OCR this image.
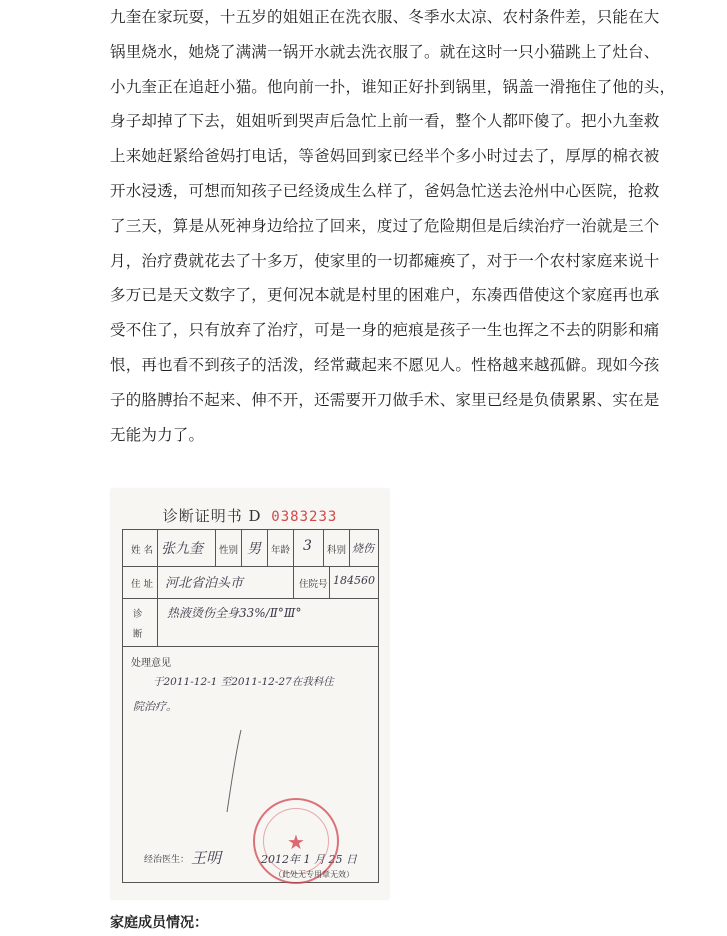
九奎在家玩耍，十五岁的姐姐正在洗衣服、冬季水太凉、农村条件差，只能在大
锅里烧水，她烧了满满一锅开水就去洗衣服了。就在这时一只小猫跳上了灶台、
小九奎正在追赶小猫。他向前一扑，谁知正好扑到锅里，锅盖一滑拖住了他的头，
身子却掉了下去，姐姐听到哭声后急忙上前一看，整个人都吓傻了。把小九奎救
上来她赶紧给爸妈打电话，等爸妈回到家已经半个多小时过去了，厚厚的棉衣被
开水浸透，可想而知孩子已经烫成生么样了，爸妈急忙送去沧州中心医院，抢救
了三天，算是从死神身边给拉了回来，度过了危险期但是后续治疗一治就是三个
月，治疗费就花去了十多万，使家里的一切都瘫痪了，对于一个农村家庭来说十
多万已是天文数字了，更何况本就是村里的困难户，东凑西借使这个家庭再也承
受不住了，只有放弃了治疗，可是一身的疤痕是孩子一生也挥之不去的阴影和痛
恨，再也看不到孩子的活泼，经常藏起来不愿见人。性格越来越孤僻。现如今孩
子的胳膊抬不起来、伸不开，还需要开刀做手术、家里已经是负债累累、实在是
无能为力了。

诊断证明书 D 0383233
姓 名 张九奎 性别 男 年龄 3 科别 烧伤
住 址 河北省泊头市	住院号 184560
诊
断
热液烫伤全身33%/Ⅱ°Ⅲ°
处理意见
于2011-12-1 至2011-12-27在我科住
院治疗。
经治医生： 王明	2012年 1 月 25 日
★
（此处无专用章无效）
家庭成员情况：
